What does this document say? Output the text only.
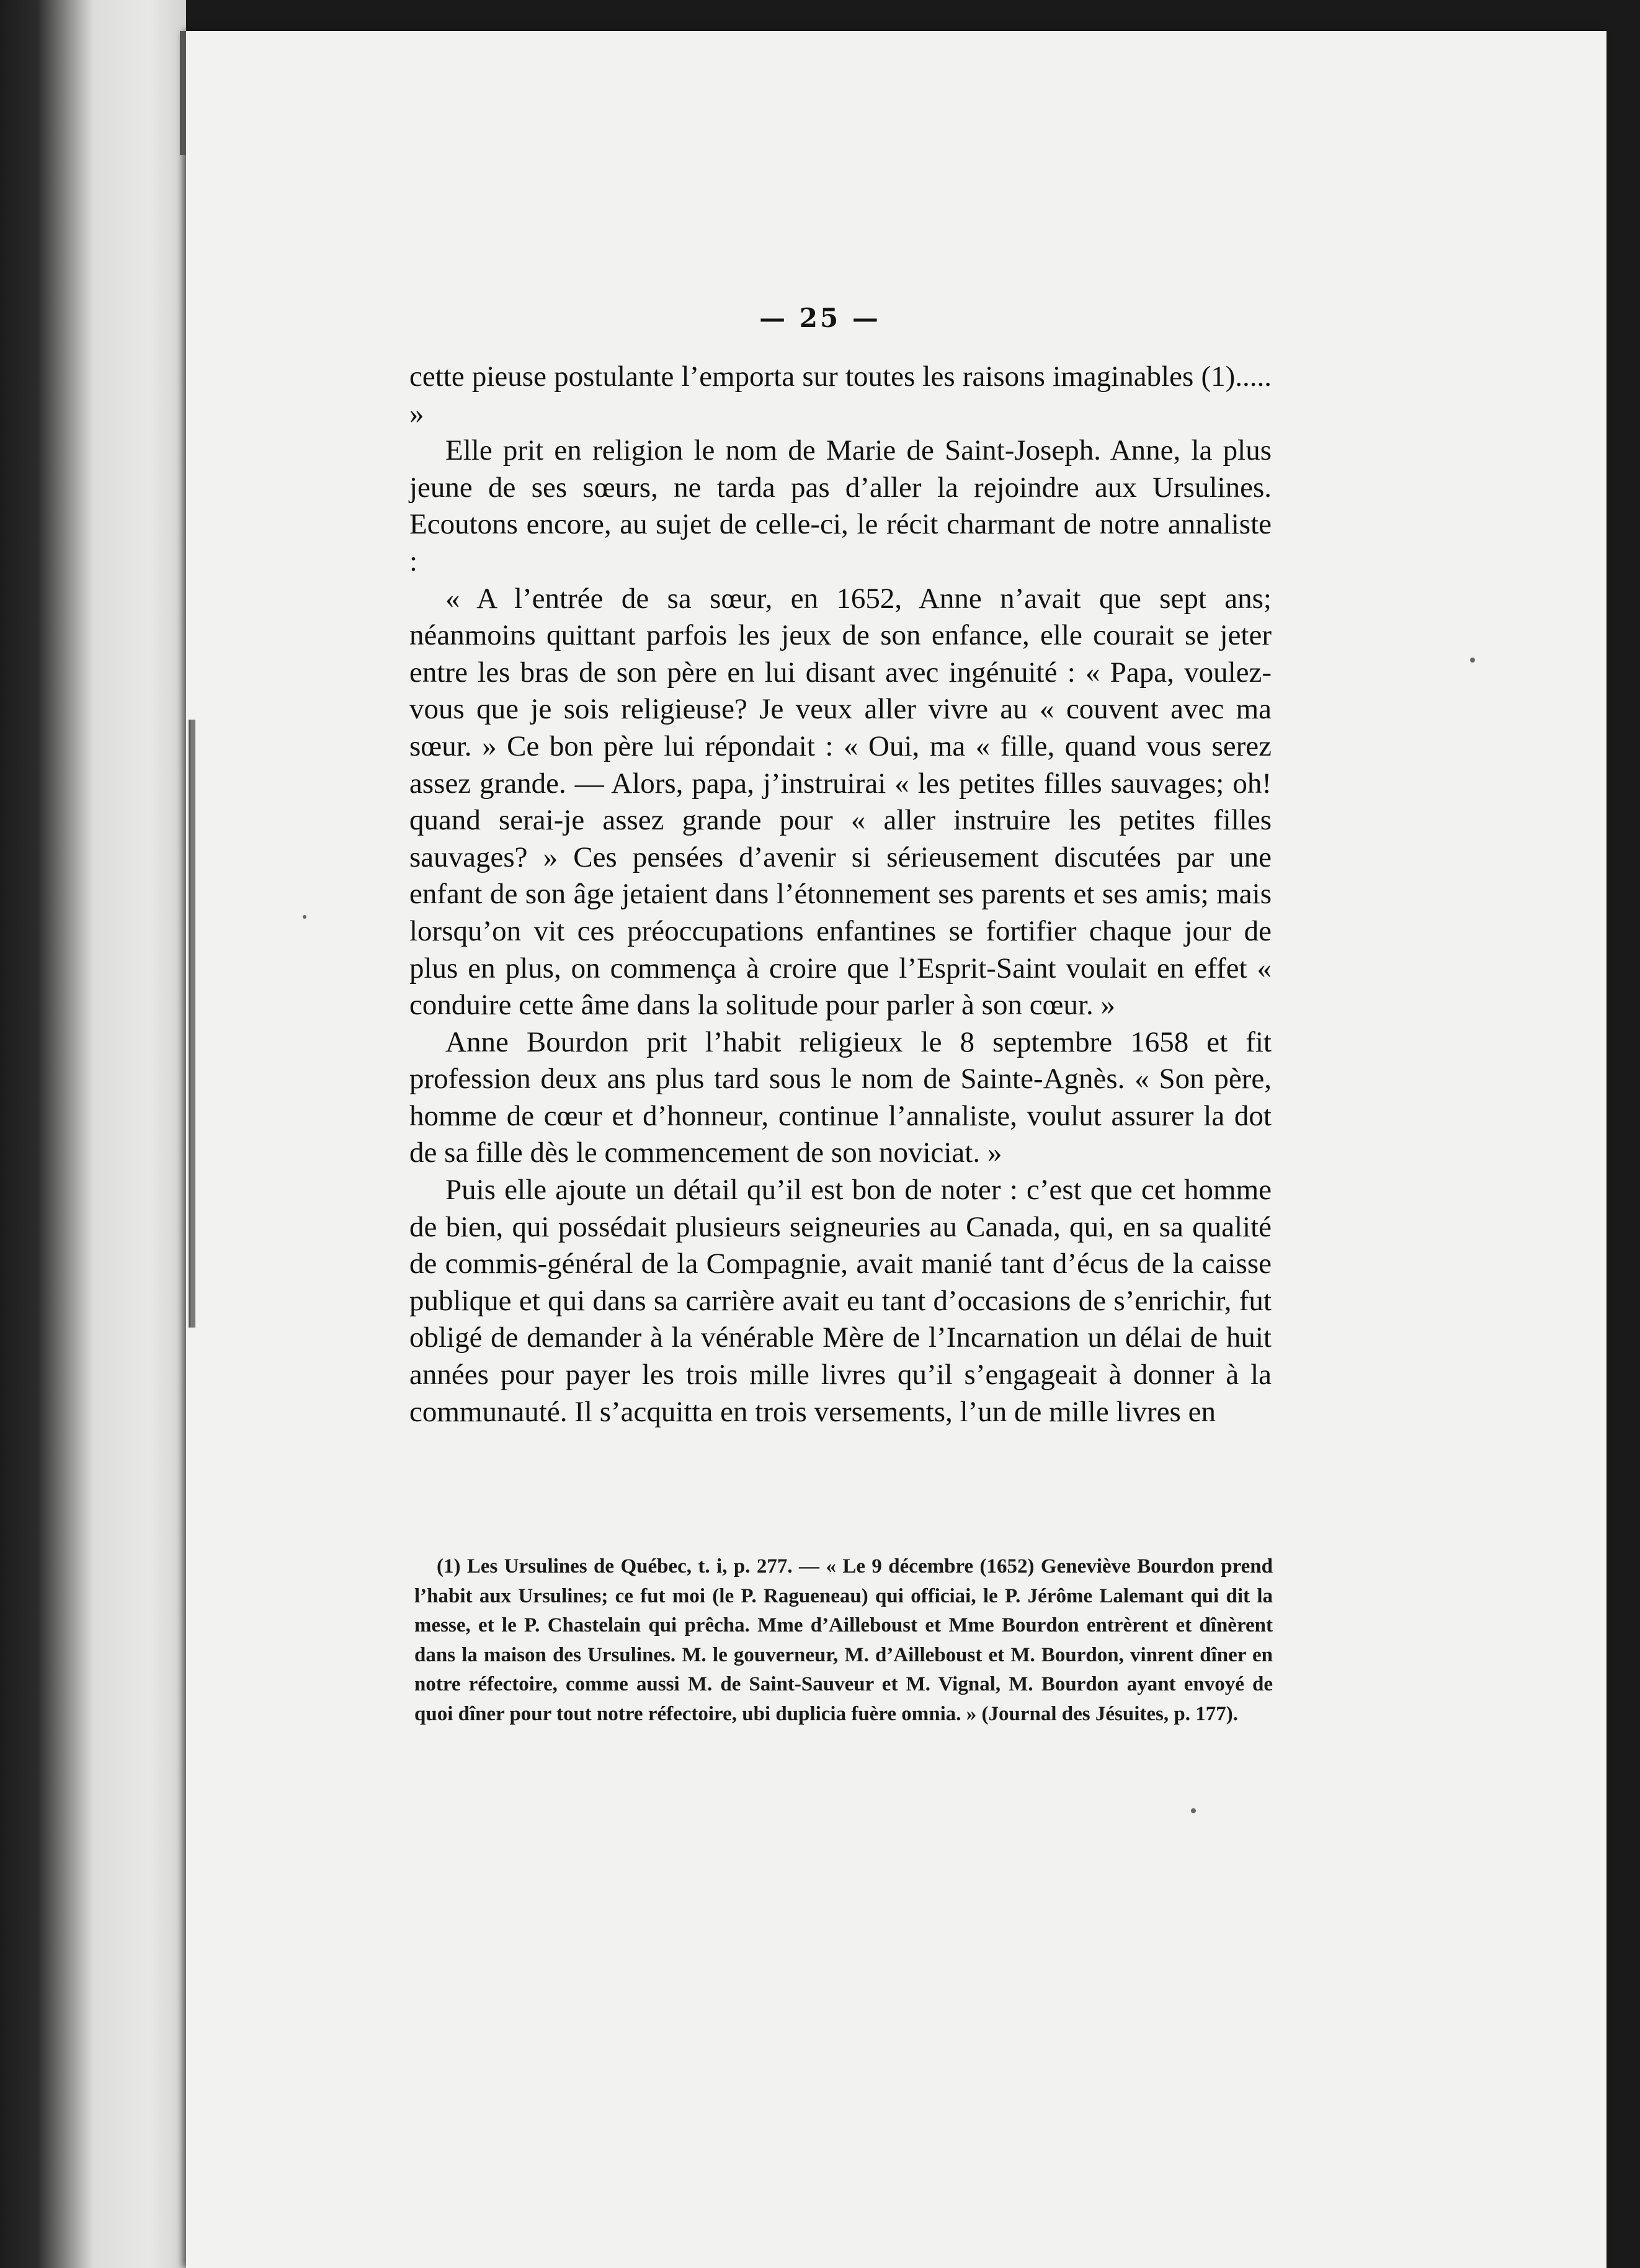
— 25 —

cette pieuse postulante l’emporta sur toutes les raisons imaginables (1)..... »

Elle prit en religion le nom de Marie de Saint-Joseph. Anne, la plus jeune de ses sœurs, ne tarda pas d’aller la rejoindre aux Ursulines. Ecoutons encore, au sujet de celle-ci, le récit charmant de notre annaliste :

« A l’entrée de sa sœur, en 1652, Anne n’avait que sept ans; néanmoins quittant parfois les jeux de son enfance, elle courait se jeter entre les bras de son père en lui disant avec ingénuité : « Papa, voulez-vous que je sois religieuse? Je veux aller vivre au « couvent avec ma sœur. » Ce bon père lui répondait : « Oui, ma « fille, quand vous serez assez grande. — Alors, papa, j’instruirai « les petites filles sauvages; oh! quand serai-je assez grande pour « aller instruire les petites filles sauvages? » Ces pensées d’avenir si sérieusement discutées par une enfant de son âge jetaient dans l’étonnement ses parents et ses amis; mais lorsqu’on vit ces préoccupations enfantines se fortifier chaque jour de plus en plus, on commença à croire que l’Esprit-Saint voulait en effet « conduire cette âme dans la solitude pour parler à son cœur. »

Anne Bourdon prit l’habit religieux le 8 septembre 1658 et fit profession deux ans plus tard sous le nom de Sainte-Agnès. « Son père, homme de cœur et d’honneur, continue l’annaliste, voulut assurer la dot de sa fille dès le commencement de son noviciat. »

Puis elle ajoute un détail qu’il est bon de noter : c’est que cet homme de bien, qui possédait plusieurs seigneuries au Canada, qui, en sa qualité de commis-général de la Compagnie, avait manié tant d’écus de la caisse publique et qui dans sa carrière avait eu tant d’occasions de s’enrichir, fut obligé de demander à la vénérable Mère de l’Incarnation un délai de huit années pour payer les trois mille livres qu’il s’engageait à donner à la communauté. Il s’acquitta en trois versements, l’un de mille livres en

(1) Les Ursulines de Québec, t. i, p. 277. — « Le 9 décembre (1652) Geneviève Bourdon prend l’habit aux Ursulines; ce fut moi (le P. Ragueneau) qui officiai, le P. Jérôme Lalemant qui dit la messe, et le P. Chastelain qui prêcha. Mme d’Ailleboust et Mme Bourdon entrèrent et dînèrent dans la maison des Ursulines. M. le gouverneur, M. d’Ailleboust et M. Bourdon, vinrent dîner en notre réfectoire, comme aussi M. de Saint-Sauveur et M. Vignal, M. Bourdon ayant envoyé de quoi dîner pour tout notre réfectoire, ubi duplicia fuère omnia. » (Journal des Jésuites, p. 177).
